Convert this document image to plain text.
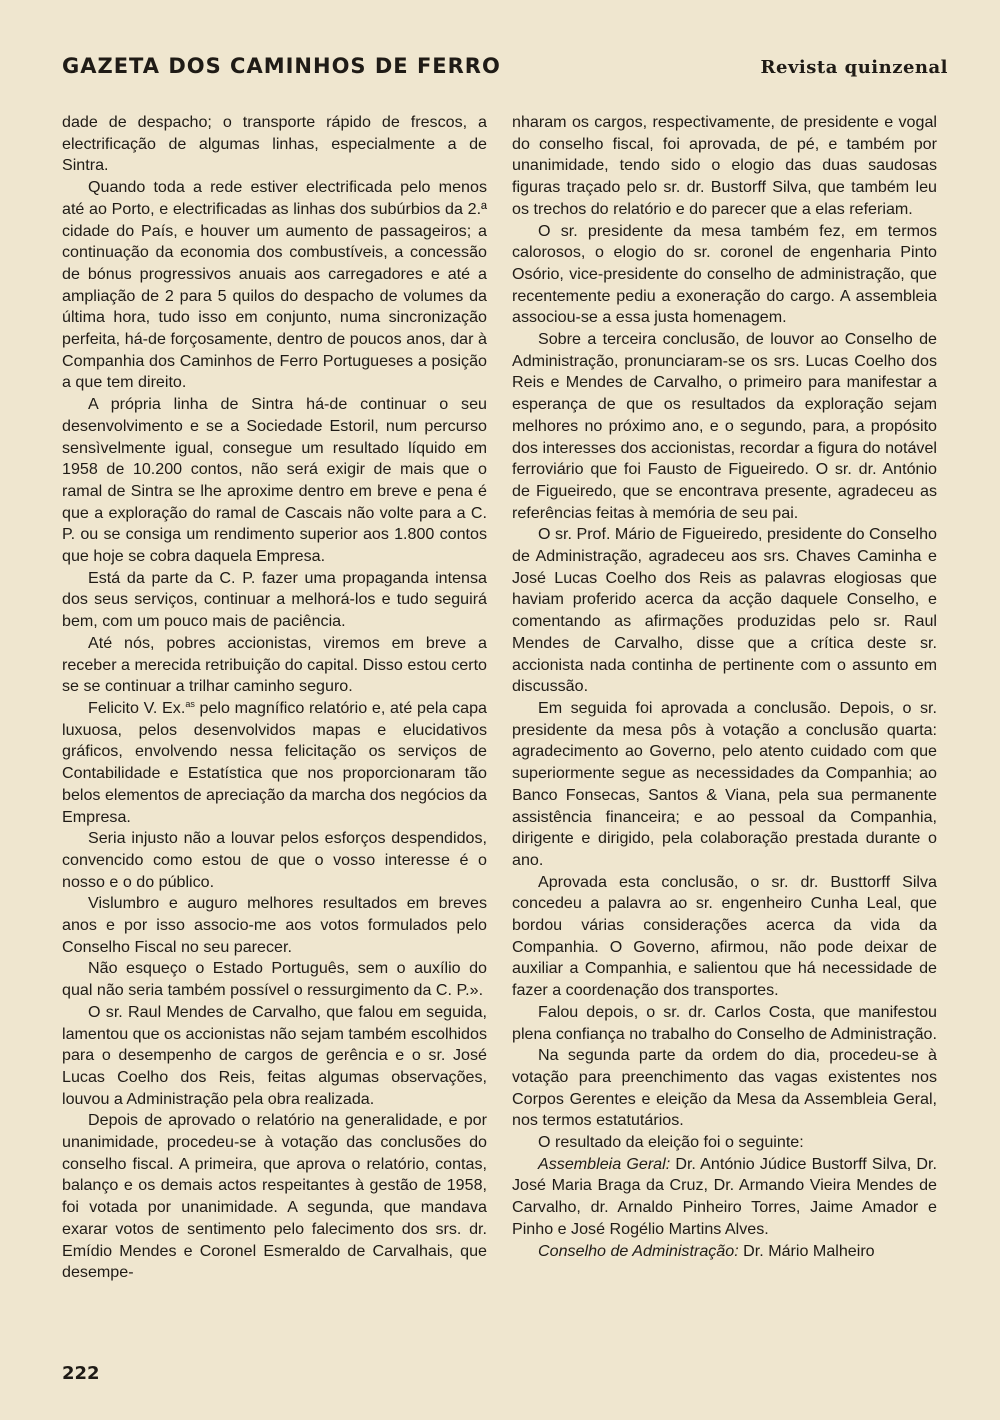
GAZETA DOS CAMINHOS DE FERRO	Revista quinzenal

dade de despacho; o transporte rápido de frescos, a electrificação de algumas linhas, especialmente a de Sintra.

Quando toda a rede estiver electrificada pelo menos até ao Porto, e electrificadas as linhas dos subúrbios da 2.ª cidade do País, e houver um aumento de passageiros; a continuação da economia dos combustíveis, a concessão de bónus progressivos anuais aos carregadores e até a ampliação de 2 para 5 quilos do despacho de volumes da última hora, tudo isso em conjunto, numa sincronização perfeita, há-de forçosamente, dentro de poucos anos, dar à Companhia dos Caminhos de Ferro Portugueses a posição a que tem direito.

A própria linha de Sintra há-de continuar o seu desenvolvimento e se a Sociedade Estoril, num percurso sensìvelmente igual, consegue um resultado líquido em 1958 de 10.200 contos, não será exigir de mais que o ramal de Sintra se lhe aproxime dentro em breve e pena é que a exploração do ramal de Cascais não volte para a C. P. ou se consiga um rendimento superior aos 1.800 contos que hoje se cobra daquela Empresa.

Está da parte da C. P. fazer uma propaganda intensa dos seus serviços, continuar a melhorá-los e tudo seguirá bem, com um pouco mais de paciência.

Até nós, pobres accionistas, viremos em breve a receber a merecida retribuição do capital. Disso estou certo se se continuar a trilhar caminho seguro.

Felicito V. Ex.$^{as}$ pelo magnífico relatório e, até pela capa luxuosa, pelos desenvolvidos mapas e elucidativos gráficos, envolvendo nessa felicitação os serviços de Contabilidade e Estatística que nos proporcionaram tão belos elementos de apreciação da marcha dos negócios da Empresa.

Seria injusto não a louvar pelos esforços despendidos, convencido como estou de que o vosso interesse é o nosso e o do público.

Vislumbro e auguro melhores resultados em breves anos e por isso associo-me aos votos formulados pelo Conselho Fiscal no seu parecer.

Não esqueço o Estado Português, sem o auxílio do qual não seria também possível o ressurgimento da C. P.».

O sr. Raul Mendes de Carvalho, que falou em seguida, lamentou que os accionistas não sejam também escolhidos para o desempenho de cargos de gerência e o sr. José Lucas Coelho dos Reis, feitas algumas observações, louvou a Administração pela obra realizada.

Depois de aprovado o relatório na generalidade, e por unanimidade, procedeu-se à votação das conclusões do conselho fiscal. A primeira, que aprova o relatório, contas, balanço e os demais actos respeitantes à gestão de 1958, foi votada por unanimidade. A segunda, que mandava exarar votos de sentimento pelo falecimento dos srs. dr. Emídio Mendes e Coronel Esmeraldo de Carvalhais, que desempe-

nharam os cargos, respectivamente, de presidente e vogal do conselho fiscal, foi aprovada, de pé, e também por unanimidade, tendo sido o elogio das duas saudosas figuras traçado pelo sr. dr. Bustorff Silva, que também leu os trechos do relatório e do parecer que a elas referiam.

O sr. presidente da mesa também fez, em termos calorosos, o elogio do sr. coronel de engenharia Pinto Osório, vice-presidente do conselho de administração, que recentemente pediu a exoneração do cargo. A assembleia associou-se a essa justa homenagem.

Sobre a terceira conclusão, de louvor ao Conselho de Administração, pronunciaram-se os srs. Lucas Coelho dos Reis e Mendes de Carvalho, o primeiro para manifestar a esperança de que os resultados da exploração sejam melhores no próximo ano, e o segundo, para, a propósito dos interesses dos accionistas, recordar a figura do notável ferroviário que foi Fausto de Figueiredo. O sr. dr. António de Figueiredo, que se encontrava presente, agradeceu as referências feitas à memória de seu pai.

O sr. Prof. Mário de Figueiredo, presidente do Conselho de Administração, agradeceu aos srs. Chaves Caminha e José Lucas Coelho dos Reis as palavras elogiosas que haviam proferido acerca da acção daquele Conselho, e comentando as afirmações produzidas pelo sr. Raul Mendes de Carvalho, disse que a crítica deste sr. accionista nada continha de pertinente com o assunto em discussão.

Em seguida foi aprovada a conclusão. Depois, o sr. presidente da mesa pôs à votação a conclusão quarta: agradecimento ao Governo, pelo atento cuidado com que superiormente segue as necessidades da Companhia; ao Banco Fonsecas, Santos & Viana, pela sua permanente assistência financeira; e ao pessoal da Companhia, dirigente e dirigido, pela colaboração prestada durante o ano.

Aprovada esta conclusão, o sr. dr. Busttorff Silva concedeu a palavra ao sr. engenheiro Cunha Leal, que bordou várias considerações acerca da vida da Companhia. O Governo, afirmou, não pode deixar de auxiliar a Companhia, e salientou que há necessidade de fazer a coordenação dos transportes.

Falou depois, o sr. dr. Carlos Costa, que manifestou plena confiança no trabalho do Conselho de Administração.

Na segunda parte da ordem do dia, procedeu-se à votação para preenchimento das vagas existentes nos Corpos Gerentes e eleição da Mesa da Assembleia Geral, nos termos estatutários.

O resultado da eleição foi o seguinte:

Assembleia Geral: Dr. António Júdice Bustorff Silva, Dr. José Maria Braga da Cruz, Dr. Armando Vieira Mendes de Carvalho, dr. Arnaldo Pinheiro Torres, Jaime Amador e Pinho e José Rogélio Martins Alves.

Conselho de Administração: Dr. Mário Malheiro

222
